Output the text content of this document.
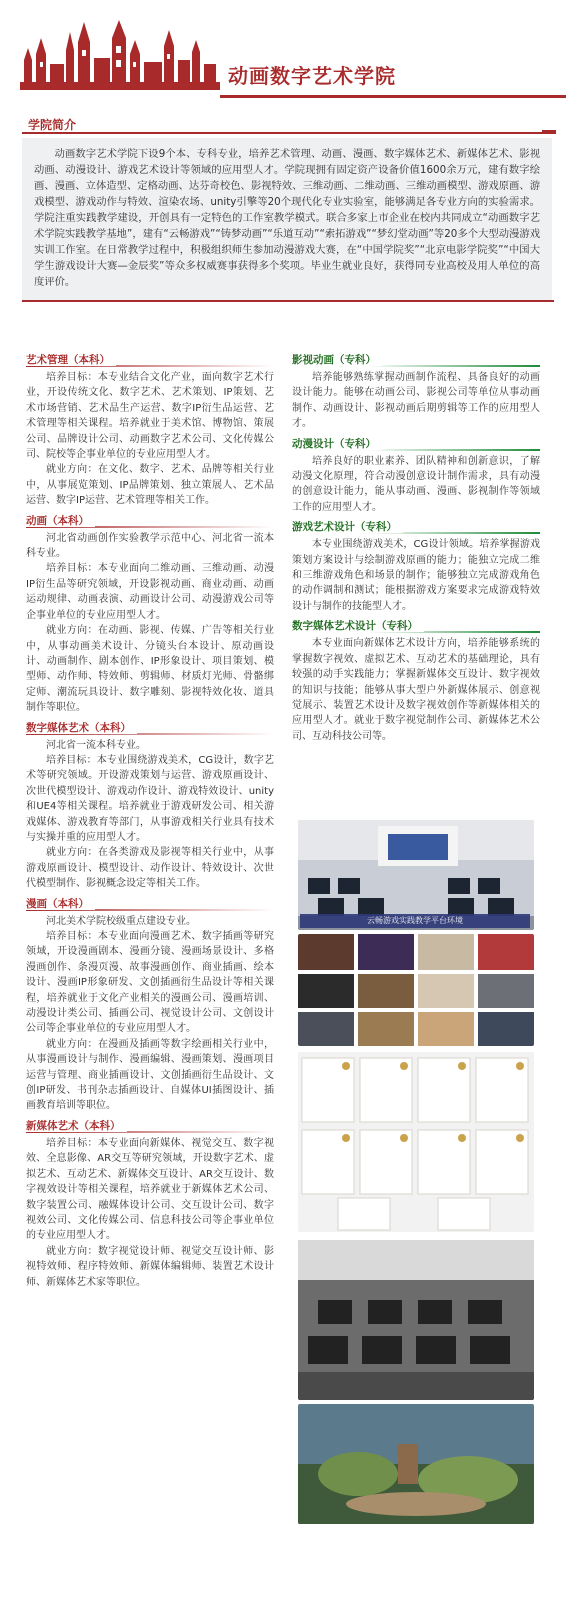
动画数字艺术学院
学院简介

动画数字艺术学院下设9个本、专科专业，培养艺术管理、动画、漫画、数字媒体艺术、新媒体艺术、影视动画、动漫设计、游戏艺术设计等领域的应用型人才。学院现拥有固定资产设备价值1600余万元，建有数字绘画、漫画、立体造型、定格动画、达芬奇校色、影视特效、三维动画、二维动画、三维动画模型、游戏原画、游戏模型、游戏动作与特效、渲染农场、unity引擎等20个现代化专业实验室，能够满足各专业方向的实验需求。学院注重实践教学建设，开创具有一定特色的工作室教学模式。联合多家上市企业在校内共同成立“动画数字艺术学院实践教学基地”，建有“云畅游戏”“铸梦动画”“乐道互动”“索拓游戏”“梦幻堂动画”等20多个大型动漫游戏实训工作室。在日常教学过程中，积极组织师生参加动漫游戏大赛，在“中国学院奖”“北京电影学院奖”“中国大学生游戏设计大赛—金辰奖”等众多权威赛事获得多个奖项。毕业生就业良好，获得同专业高校及用人单位的高度评价。

艺术管理（本科）

培养目标：本专业结合文化产业，面向数字艺术行业，开设传统文化、数字艺术、艺术策划、IP策划、艺术市场营销、艺术品生产运营、数字IP衍生品运营、艺术管理等相关课程。培养就业于美术馆、博物馆、策展公司、品牌设计公司、动画数字艺术公司、文化传媒公司、院校等企事业单位的专业应用型人才。

就业方向：在文化、数字、艺术、品牌等相关行业中，从事展览策划、IP品牌策划、独立策展人、艺术品运营、数字IP运营、艺术管理等相关工作。

动画（本科）

河北省动画创作实验教学示范中心、河北省一流本科专业。

培养目标：本专业面向二维动画、三维动画、动漫IP衍生品等研究领域，开设影视动画、商业动画、动画运动规律、动画表演、动画设计公司、动漫游戏公司等企事业单位的专业应用型人才。

就业方向：在动画、影视、传媒、广告等相关行业中，从事动画美术设计、分镜头台本设计、原动画设计、动画制作、剧本创作、IP形象设计、项目策划、模型师、动作师、特效师、剪辑师、材质灯光师、骨骼绑定师、潮流玩具设计、数字雕刻、影视特效化妆、道具制作等职位。

数字媒体艺术（本科）

河北省一流本科专业。

培养目标：本专业围绕游戏美术，CG设计，数字艺术等研究领域。开设游戏策划与运营、游戏原画设计、次世代模型设计、游戏动作设计、游戏特效设计、unity和UE4等相关课程。培养就业于游戏研发公司、相关游戏媒体、游戏教育等部门，从事游戏相关行业具有技术与实操并重的应用型人才。

就业方向：在各类游戏及影视等相关行业中，从事游戏原画设计、模型设计、动作设计、特效设计、次世代模型制作、影视概念设定等相关工作。

漫画（本科）

河北美术学院校级重点建设专业。

培养目标：本专业面向漫画艺术、数字插画等研究领域，开设漫画剧本、漫画分镜、漫画场景设计、多格漫画创作、条漫页漫、故事漫画创作、商业插画、绘本设计、漫画IP形象研发、文创插画衍生品设计等相关课程，培养就业于文化产业相关的漫画公司、漫画培训、动漫设计类公司、插画公司、视觉设计公司、文创设计公司等企事业单位的专业应用型人才。

就业方向：在漫画及插画等数字绘画相关行业中，从事漫画设计与制作、漫画编辑、漫画策划、漫画项目运营与管理、商业插画设计、文创插画衍生品设计、文创IP研发、书刊杂志插画设计、自媒体UI插图设计、插画教育培训等职位。

新媒体艺术（本科）

培养目标：本专业面向新媒体、视觉交互、数字视效、全息影像、AR交互等研究领域，开设数字艺术、虚拟艺术、互动艺术、新媒体交互设计、AR交互设计、数字视效设计等相关课程，培养就业于新媒体艺术公司、数字装置公司、融媒体设计公司、交互设计公司、数字视效公司、文化传媒公司、信息科技公司等企事业单位的专业应用型人才。

就业方向：数字视觉设计师、视觉交互设计师、影视特效师、程序特效师、新媒体编辑师、装置艺术设计师、新媒体艺术家等职位。

影视动画（专科）

培养能够熟练掌握动画制作流程、具备良好的动画设计能力。能够在动画公司、影视公司等单位从事动画制作、动画设计、影视动画后期剪辑等工作的应用型人才。

动漫设计（专科）

培养良好的职业素养、团队精神和创新意识，了解动漫文化原理，符合动漫创意设计制作需求，具有动漫的创意设计能力，能从事动画、漫画、影视制作等领域工作的应用型人才。

游戏艺术设计（专科）

本专业围绕游戏美术，CG设计领域。培养掌握游戏策划方案设计与绘制游戏原画的能力；能独立完成二维和三维游戏角色和场景的制作；能够独立完成游戏角色的动作调制和测试；能根据游戏方案要求完成游戏特效设计与制作的技能型人才。

数字媒体艺术设计（专科）

本专业面向新媒体艺术设计方向，培养能够系统的掌握数字视效、虚拟艺术、互动艺术的基础理论，具有较强的动手实践能力；掌握新媒体交互设计、数字视效的知识与技能；能够从事大型户外新媒体展示、创意视觉展示、装置艺术设计及数字视效创作等新媒体相关的应用型人才。就业于数字视觉制作公司、新媒体艺术公司、互动科技公司等。

云畅游戏实践教学平台环境
